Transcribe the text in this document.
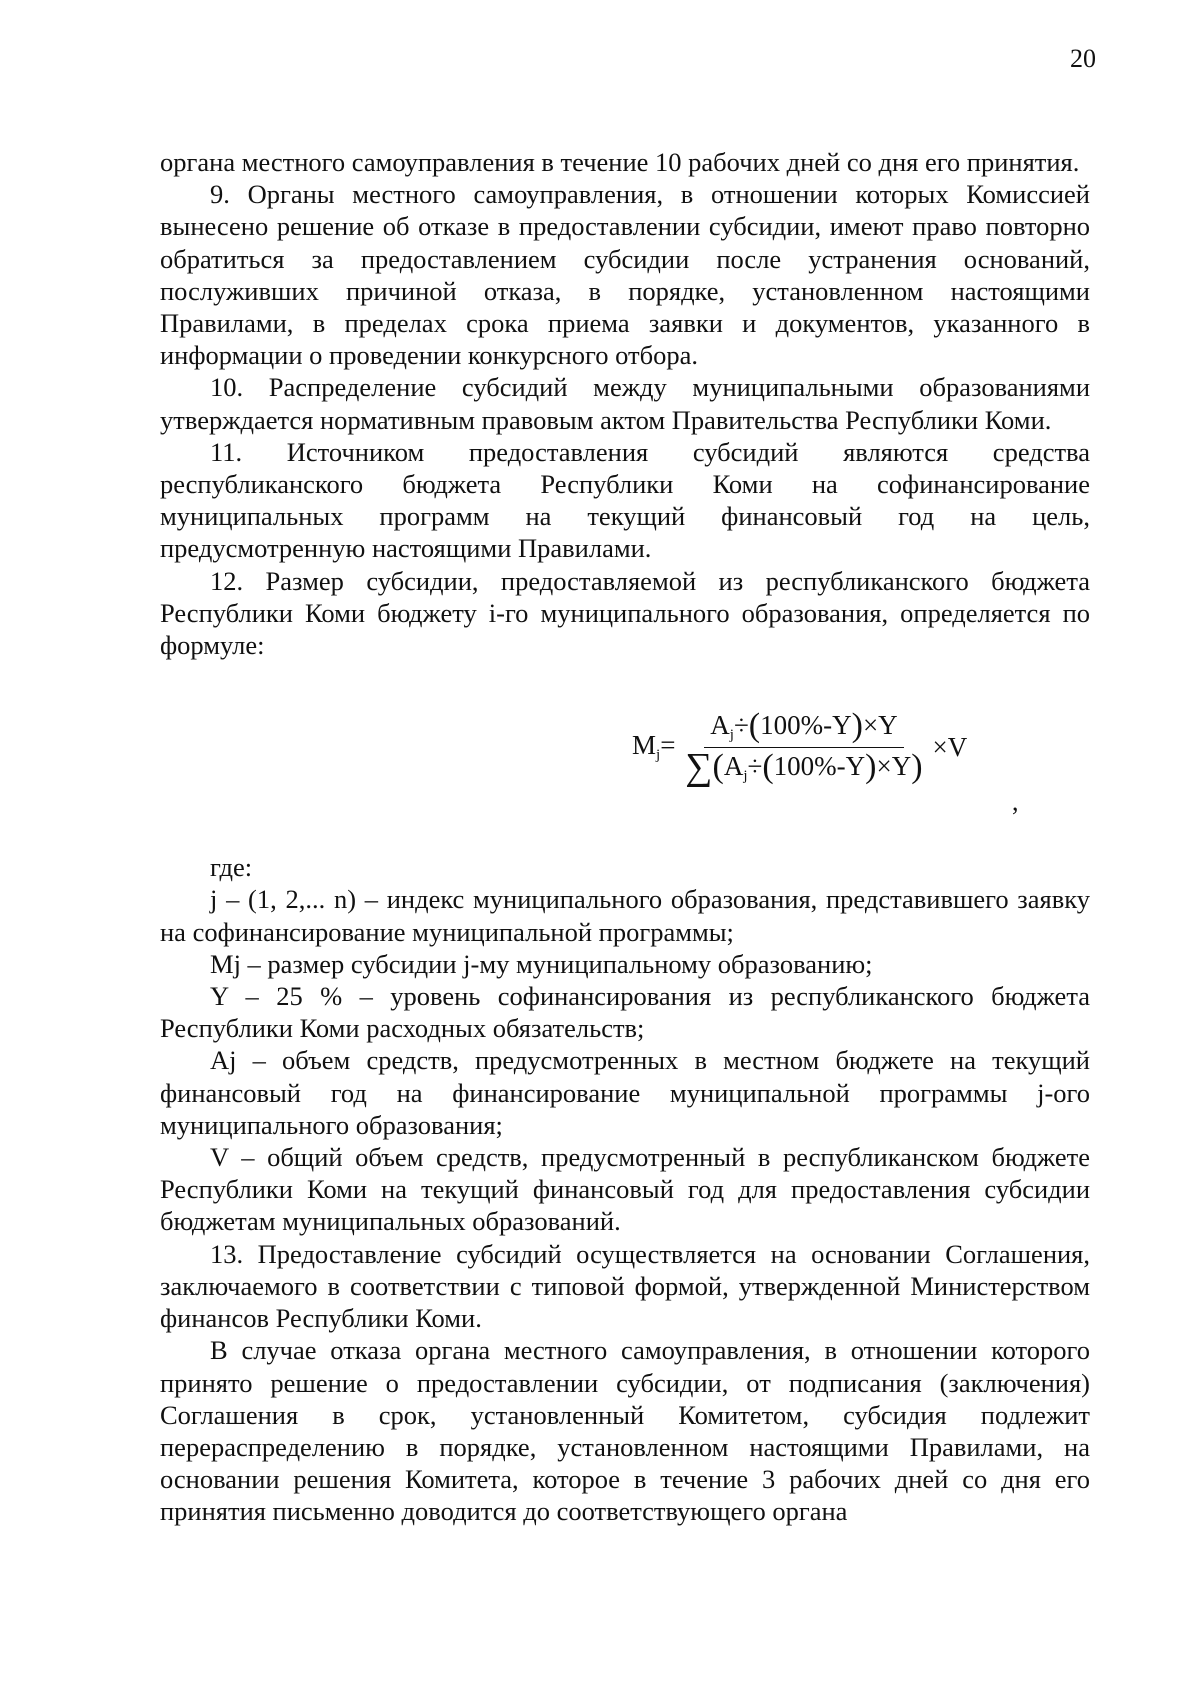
20

органа местного самоуправления в течение 10 рабочих дней со дня его принятия.

9. Органы местного самоуправления, в отношении которых Комиссией вынесено решение об отказе в предоставлении субсидии, имеют право повторно обратиться за предоставлением субсидии после устранения оснований, послуживших причиной отказа, в порядке, установленном настоящими Правилами, в пределах срока приема заявки и документов, указанного в информации о проведении конкурсного отбора.

10. Распределение субсидий между муниципальными образованиями утверждается нормативным правовым актом Правительства Республики Коми.

11. Источником предоставления субсидий являются средства республиканского бюджета Республики Коми на софинансирование муниципальных программ на текущий финансовый год на цель, предусмотренную настоящими Правилами.

12. Размер субсидии, предоставляемой из республиканского бюджета Республики Коми бюджету i-го муниципального образования, определяется по формуле:

$M_j= \frac{A_j\div(100\%-Y)\times Y}{\sum(A_j\div(100\%-Y)\times Y)} \times V$
,

где:

j – (1, 2,... n) – индекс муниципального образования, представившего заявку на софинансирование муниципальной программы;

Mj – размер субсидии j-му муниципальному образованию;

Y – 25 % – уровень софинансирования из республиканского бюджета Республики Коми расходных обязательств;

Aj – объем средств, предусмотренных в местном бюджете на текущий финансовый год на финансирование муниципальной программы j-ого муниципального образования;

V – общий объем средств, предусмотренный в республиканском бюджете Республики Коми на текущий финансовый год для предоставления субсидии бюджетам муниципальных образований.

13. Предоставление субсидий осуществляется на основании Соглашения, заключаемого в соответствии с типовой формой, утвержденной Министерством финансов Республики Коми.

В случае отказа органа местного самоуправления, в отношении которого принято решение о предоставлении субсидии, от подписания (заключения) Соглашения в срок, установленный Комитетом, субсидия подлежит перераспределению в порядке, установленном настоящими Правилами, на основании решения Комитета, которое в течение 3 рабочих дней со дня его принятия письменно доводится до соответствующего органа
